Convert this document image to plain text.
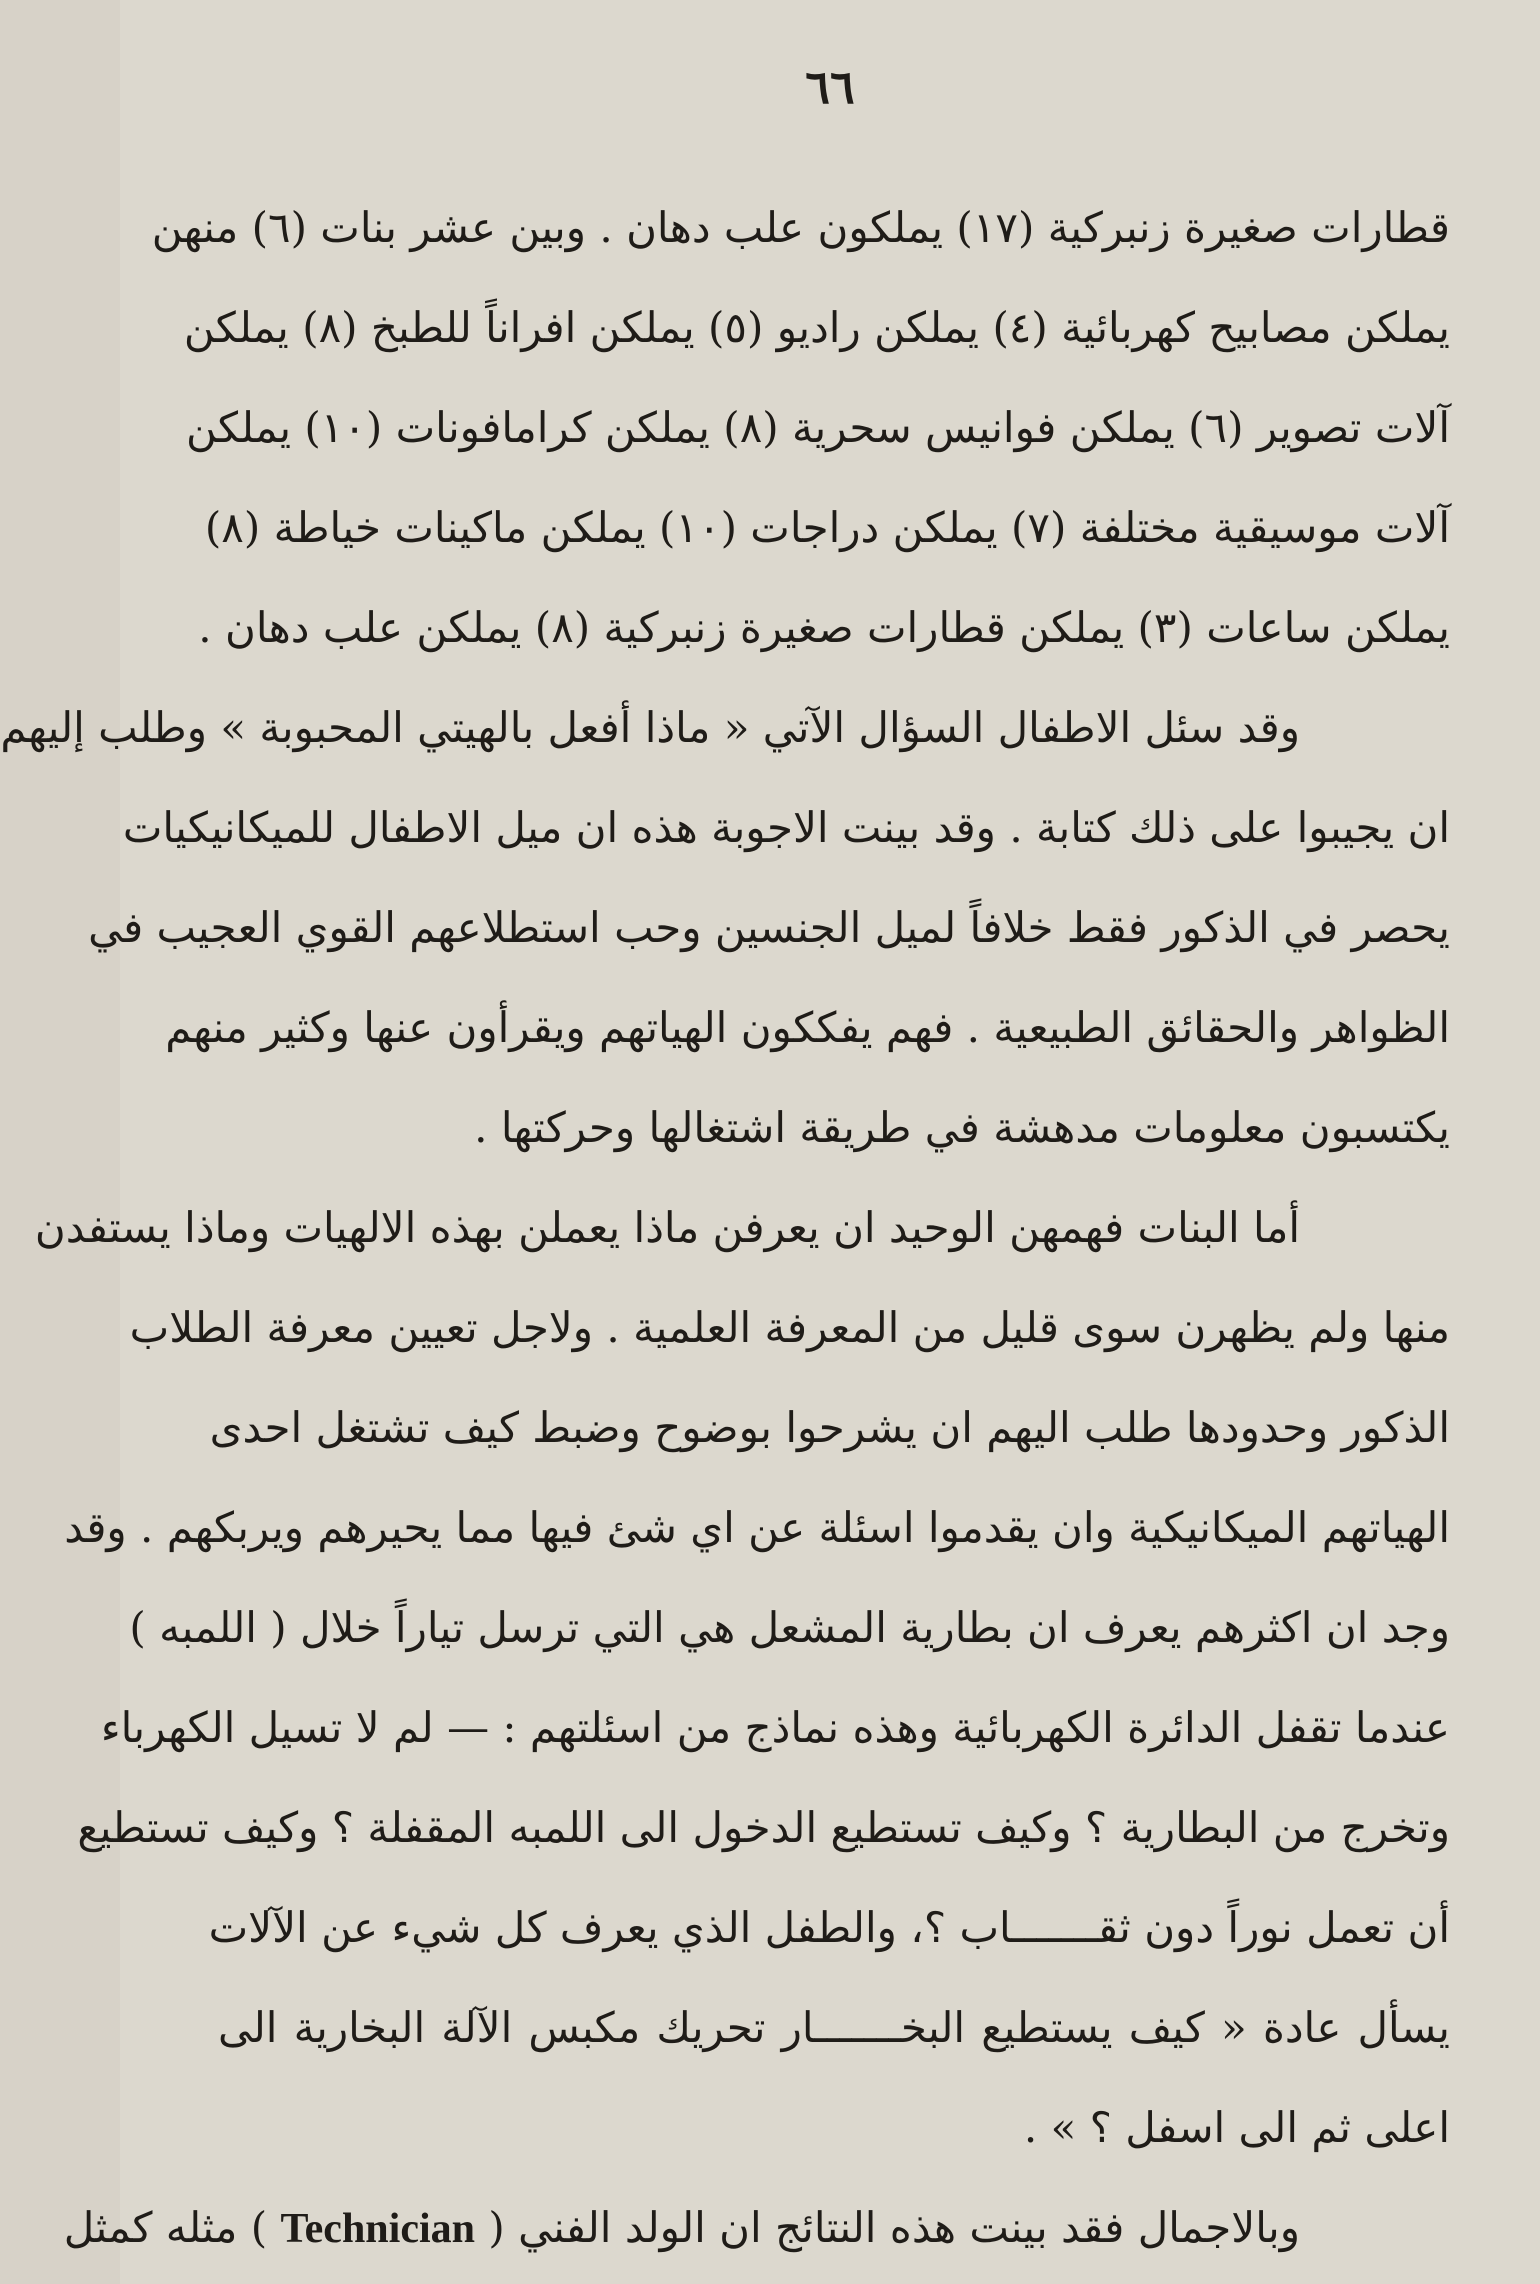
٦٦
قطارات صغيرة زنبركية (١٧) يملكون علب دهان . وبين عشر بنات (٦) منهن
يملكن مصابيح كهربائية (٤) يملكن راديو (٥) يملكن افراناً للطبخ (٨) يملكن
آلات تصوير (٦) يملكن فوانيس سحرية (٨) يملكن كرامافونات (١٠) يملكن
آلات موسيقية مختلفة (٧) يملكن دراجات (١٠) يملكن ماكينات خياطة (٨)
يملكن ساعات (٣) يملكن قطارات صغيرة زنبركية (٨) يملكن علب دهان .
وقد سئل الاطفال السؤال الآتي « ماذا أفعل بالهيتي المحبوبة » وطلب إليهم
ان يجيبوا على ذلك كتابة . وقد بينت الاجوبة هذه ان ميل الاطفال للميكانيكيات
يحصر في الذكور فقط خلافاً لميل الجنسين وحب استطلاعهم القوي العجيب في
الظواهر والحقائق الطبيعية . فهم يفككون الهياتهم ويقرأون عنها وكثير منهم
يكتسبون معلومات مدهشة في طريقة اشتغالها وحركتها .
أما البنات فهمهن الوحيد ان يعرفن ماذا يعملن بهذه الالهيات وماذا يستفدن
منها ولم يظهرن سوى قليل من المعرفة العلمية . ولاجل تعيين معرفة الطلاب
الذكور وحدودها طلب اليهم ان يشرحوا بوضوح وضبط كيف تشتغل احدى
الهياتهم الميكانيكية وان يقدموا اسئلة عن اي شئ فيها مما يحيرهم ويربكهم . وقد
وجد ان اكثرهم يعرف ان بطارية المشعل هي التي ترسل تياراً خلال ( اللمبه )
عندما تقفل الدائرة الكهربائية وهذه نماذج من اسئلتهم : — لم لا تسيل الكهرباء
وتخرج من البطارية ؟ وكيف تستطيع الدخول الى اللمبه المقفلة ؟ وكيف تستطيع
أن تعمل نوراً دون ثقـــــــاب ؟، والطفل الذي يعرف كل شيء عن الآلات
يسأل عادة « كيف يستطيع البخـــــــار تحريك مكبس الآلة البخارية الى
اعلى ثم الى اسفل ؟ » .
وبالاجمال فقد بينت هذه النتائج ان الولد الفني ( Technician ) مثله كمثل
